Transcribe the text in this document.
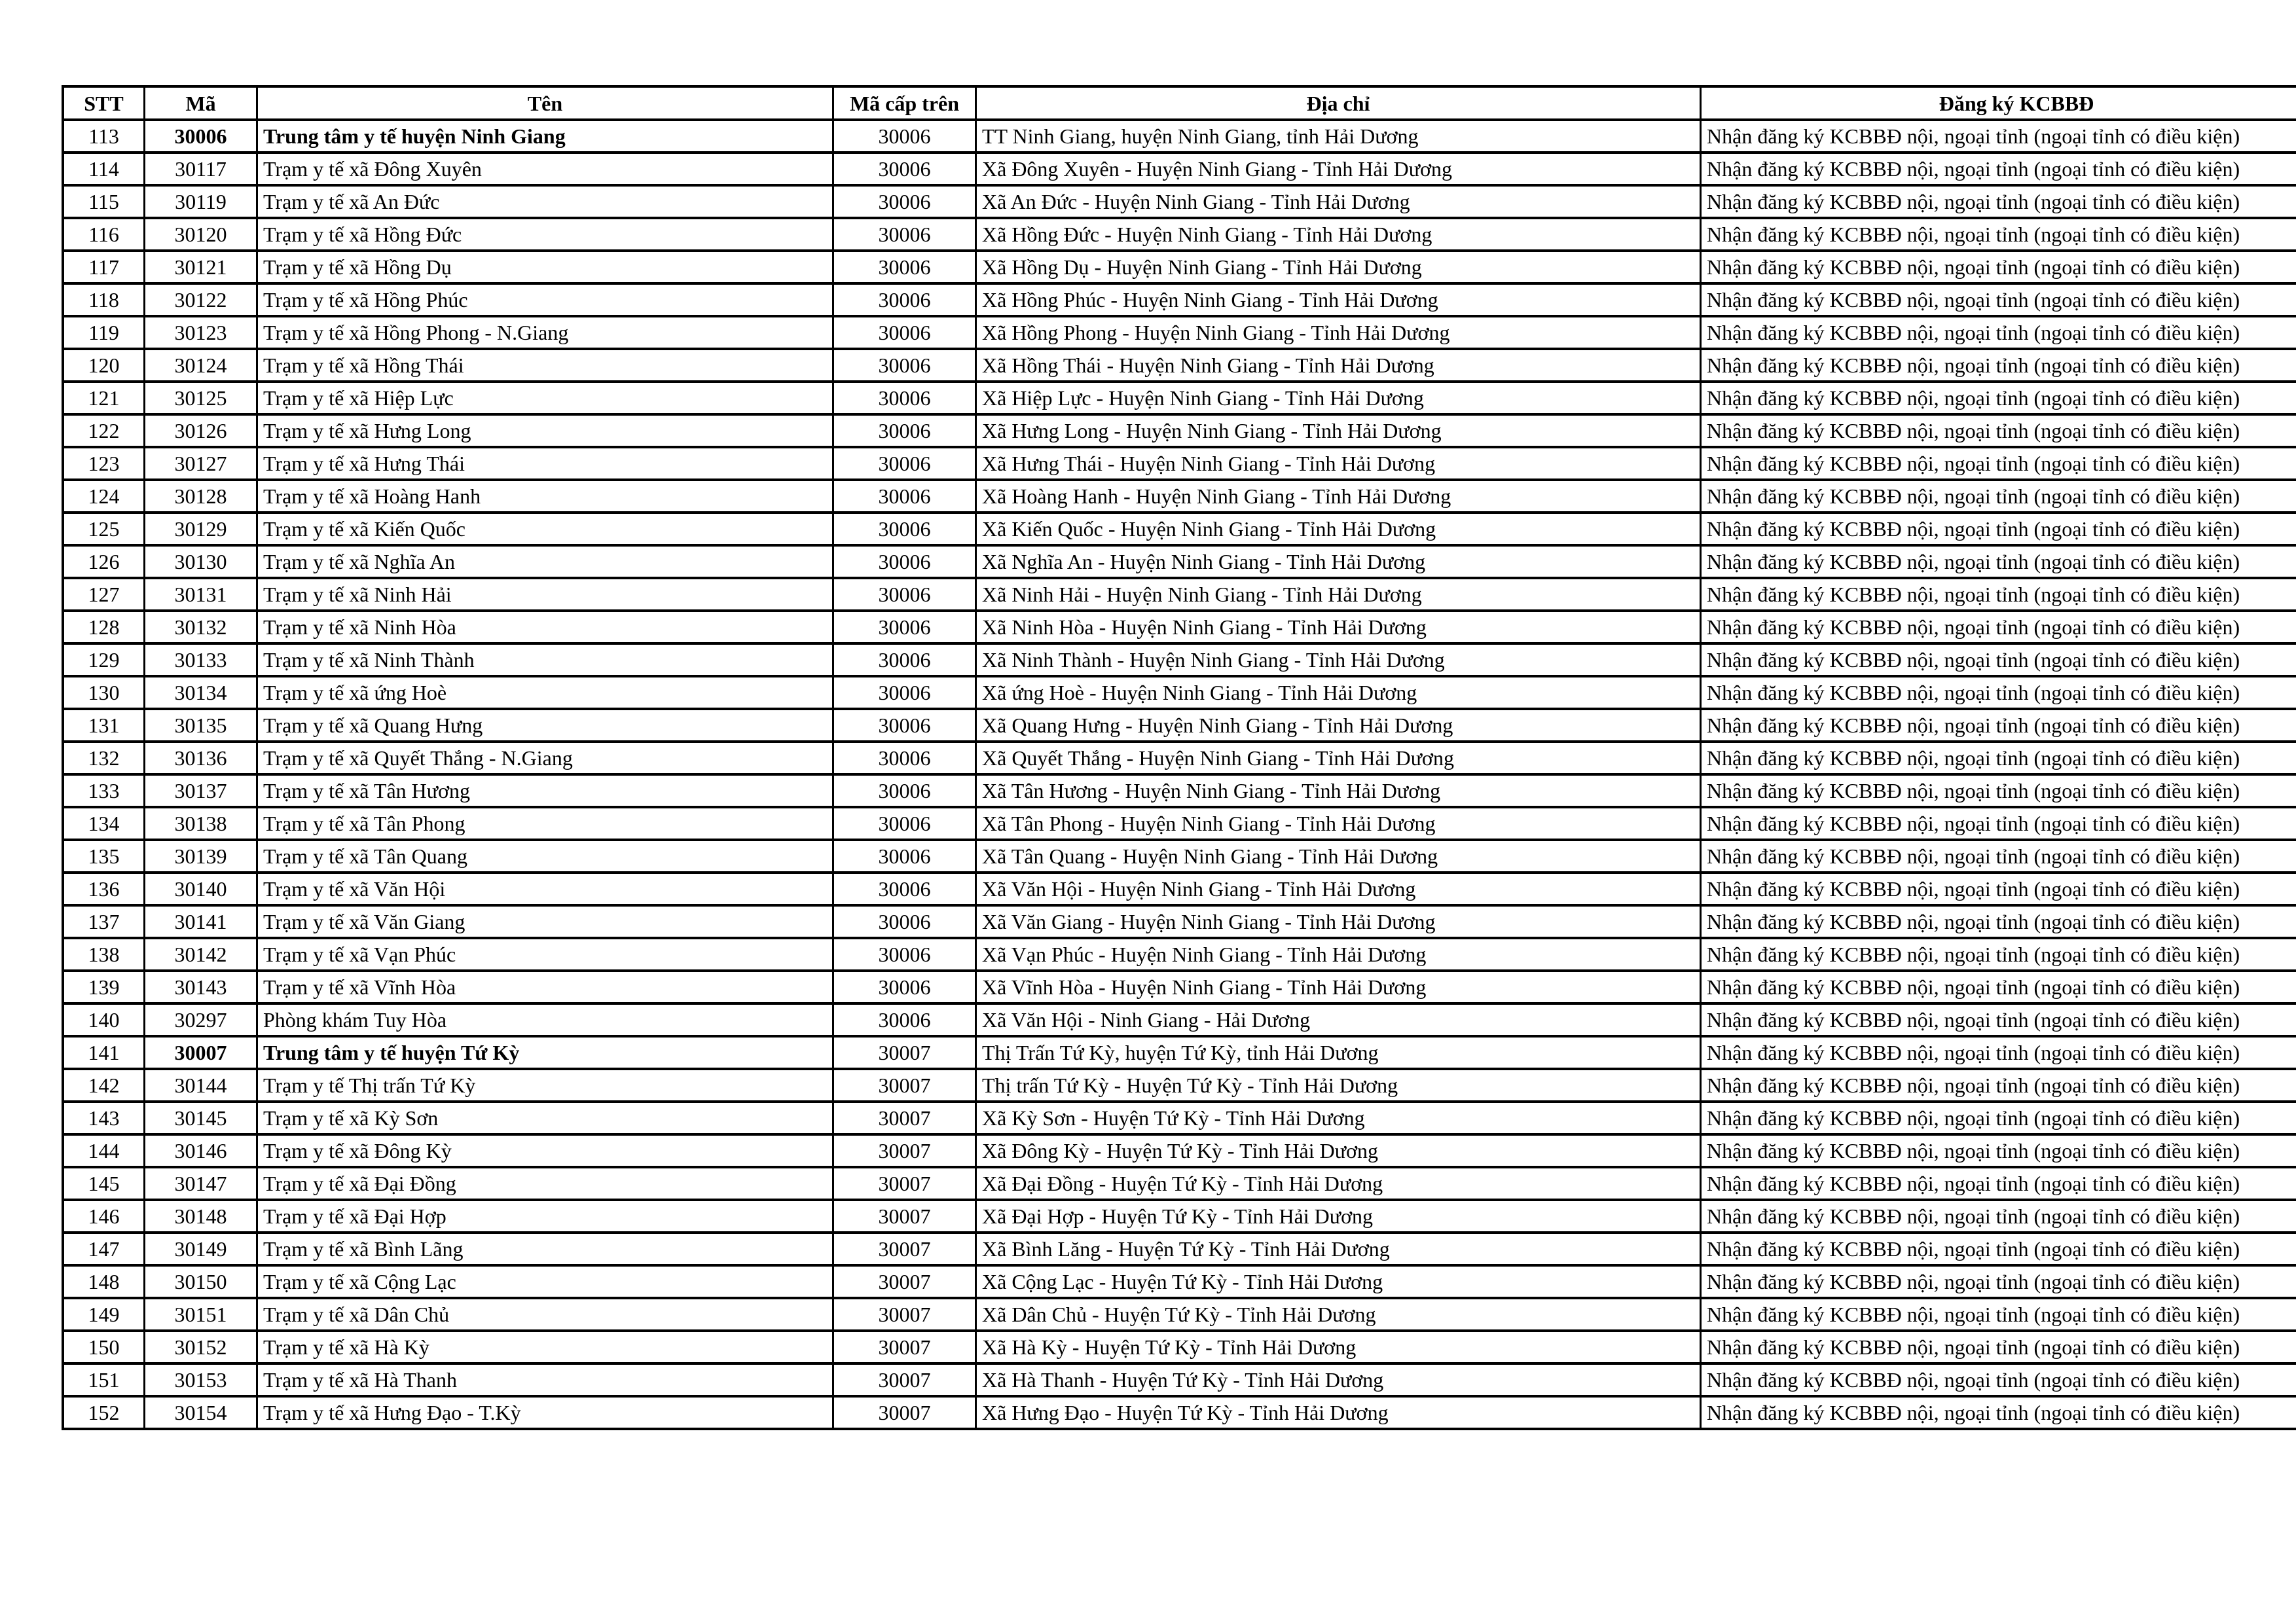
STT	Mã	Tên	Mã cấp trên	Địa chỉ	Đăng ký KCBBĐ
113	30006	Trung tâm y tế huyện Ninh Giang	30006	TT Ninh Giang, huyện Ninh Giang, tỉnh Hải Dương	Nhận đăng ký KCBBĐ nội, ngoại tỉnh (ngoại tỉnh có điều kiện)
114	30117	Trạm y tế xã Đông Xuyên	30006	Xã Đông Xuyên - Huyện Ninh Giang - Tỉnh Hải Dương	Nhận đăng ký KCBBĐ nội, ngoại tỉnh (ngoại tỉnh có điều kiện)
115	30119	Trạm y tế xã An Đức	30006	Xã An Đức - Huyện Ninh Giang - Tỉnh Hải Dương	Nhận đăng ký KCBBĐ nội, ngoại tỉnh (ngoại tỉnh có điều kiện)
116	30120	Trạm y tế xã Hồng Đức	30006	Xã Hồng Đức - Huyện Ninh Giang - Tỉnh Hải Dương	Nhận đăng ký KCBBĐ nội, ngoại tỉnh (ngoại tỉnh có điều kiện)
117	30121	Trạm y tế xã Hồng Dụ	30006	Xã Hồng Dụ - Huyện Ninh Giang - Tỉnh Hải Dương	Nhận đăng ký KCBBĐ nội, ngoại tỉnh (ngoại tỉnh có điều kiện)
118	30122	Trạm y tế xã Hồng Phúc	30006	Xã Hồng Phúc - Huyện Ninh Giang - Tỉnh Hải Dương	Nhận đăng ký KCBBĐ nội, ngoại tỉnh (ngoại tỉnh có điều kiện)
119	30123	Trạm y tế xã Hồng Phong - N.Giang	30006	Xã Hồng Phong - Huyện Ninh Giang - Tỉnh Hải Dương	Nhận đăng ký KCBBĐ nội, ngoại tỉnh (ngoại tỉnh có điều kiện)
120	30124	Trạm y tế xã Hồng Thái	30006	Xã Hồng Thái - Huyện Ninh Giang - Tỉnh Hải Dương	Nhận đăng ký KCBBĐ nội, ngoại tỉnh (ngoại tỉnh có điều kiện)
121	30125	Trạm y tế xã Hiệp Lực	30006	Xã Hiệp Lực - Huyện Ninh Giang - Tỉnh Hải Dương	Nhận đăng ký KCBBĐ nội, ngoại tỉnh (ngoại tỉnh có điều kiện)
122	30126	Trạm y tế xã Hưng Long	30006	Xã Hưng Long - Huyện Ninh Giang - Tỉnh Hải Dương	Nhận đăng ký KCBBĐ nội, ngoại tỉnh (ngoại tỉnh có điều kiện)
123	30127	Trạm y tế xã Hưng Thái	30006	Xã Hưng Thái - Huyện Ninh Giang - Tỉnh Hải Dương	Nhận đăng ký KCBBĐ nội, ngoại tỉnh (ngoại tỉnh có điều kiện)
124	30128	Trạm y tế xã Hoàng Hanh	30006	Xã Hoàng Hanh - Huyện Ninh Giang - Tỉnh Hải Dương	Nhận đăng ký KCBBĐ nội, ngoại tỉnh (ngoại tỉnh có điều kiện)
125	30129	Trạm y tế xã Kiến Quốc	30006	Xã Kiến Quốc - Huyện Ninh Giang - Tỉnh Hải Dương	Nhận đăng ký KCBBĐ nội, ngoại tỉnh (ngoại tỉnh có điều kiện)
126	30130	Trạm y tế xã Nghĩa An	30006	Xã Nghĩa An - Huyện Ninh Giang - Tỉnh Hải Dương	Nhận đăng ký KCBBĐ nội, ngoại tỉnh (ngoại tỉnh có điều kiện)
127	30131	Trạm y tế xã Ninh Hải	30006	Xã Ninh Hải - Huyện Ninh Giang - Tỉnh Hải Dương	Nhận đăng ký KCBBĐ nội, ngoại tỉnh (ngoại tỉnh có điều kiện)
128	30132	Trạm y tế xã Ninh Hòa	30006	Xã Ninh Hòa - Huyện Ninh Giang - Tỉnh Hải Dương	Nhận đăng ký KCBBĐ nội, ngoại tỉnh (ngoại tỉnh có điều kiện)
129	30133	Trạm y tế xã Ninh Thành	30006	Xã Ninh Thành - Huyện Ninh Giang - Tỉnh Hải Dương	Nhận đăng ký KCBBĐ nội, ngoại tỉnh (ngoại tỉnh có điều kiện)
130	30134	Trạm y tế xã ứng Hoè	30006	Xã ứng Hoè - Huyện Ninh Giang - Tỉnh Hải Dương	Nhận đăng ký KCBBĐ nội, ngoại tỉnh (ngoại tỉnh có điều kiện)
131	30135	Trạm y tế xã Quang Hưng	30006	Xã Quang Hưng - Huyện Ninh Giang - Tỉnh Hải Dương	Nhận đăng ký KCBBĐ nội, ngoại tỉnh (ngoại tỉnh có điều kiện)
132	30136	Trạm y tế xã Quyết Thắng - N.Giang	30006	Xã Quyết Thắng - Huyện Ninh Giang - Tỉnh Hải Dương	Nhận đăng ký KCBBĐ nội, ngoại tỉnh (ngoại tỉnh có điều kiện)
133	30137	Trạm y tế xã Tân Hương	30006	Xã Tân Hương - Huyện Ninh Giang - Tỉnh Hải Dương	Nhận đăng ký KCBBĐ nội, ngoại tỉnh (ngoại tỉnh có điều kiện)
134	30138	Trạm y tế xã Tân Phong	30006	Xã Tân Phong - Huyện Ninh Giang - Tỉnh Hải Dương	Nhận đăng ký KCBBĐ nội, ngoại tỉnh (ngoại tỉnh có điều kiện)
135	30139	Trạm y tế xã Tân Quang	30006	Xã Tân Quang - Huyện Ninh Giang - Tỉnh Hải Dương	Nhận đăng ký KCBBĐ nội, ngoại tỉnh (ngoại tỉnh có điều kiện)
136	30140	Trạm y tế xã Văn Hội	30006	Xã Văn Hội - Huyện Ninh Giang - Tỉnh Hải Dương	Nhận đăng ký KCBBĐ nội, ngoại tỉnh (ngoại tỉnh có điều kiện)
137	30141	Trạm y tế xã Văn Giang	30006	Xã Văn Giang - Huyện Ninh Giang - Tỉnh Hải Dương	Nhận đăng ký KCBBĐ nội, ngoại tỉnh (ngoại tỉnh có điều kiện)
138	30142	Trạm y tế xã Vạn Phúc	30006	Xã Vạn Phúc - Huyện Ninh Giang - Tỉnh Hải Dương	Nhận đăng ký KCBBĐ nội, ngoại tỉnh (ngoại tỉnh có điều kiện)
139	30143	Trạm y tế xã Vĩnh Hòa	30006	Xã Vĩnh Hòa - Huyện Ninh Giang - Tỉnh Hải Dương	Nhận đăng ký KCBBĐ nội, ngoại tỉnh (ngoại tỉnh có điều kiện)
140	30297	Phòng khám Tuy Hòa	30006	Xã Văn Hội - Ninh Giang - Hải Dương	Nhận đăng ký KCBBĐ nội, ngoại tỉnh (ngoại tỉnh có điều kiện)
141	30007	Trung tâm y tế huyện Tứ Kỳ	30007	Thị Trấn Tứ Kỳ, huyện Tứ Kỳ, tỉnh Hải Dương	Nhận đăng ký KCBBĐ nội, ngoại tỉnh (ngoại tỉnh có điều kiện)
142	30144	Trạm y tế Thị trấn Tứ Kỳ	30007	Thị trấn Tứ Kỳ - Huyện Tứ Kỳ - Tỉnh Hải Dương	Nhận đăng ký KCBBĐ nội, ngoại tỉnh (ngoại tỉnh có điều kiện)
143	30145	Trạm y tế xã Kỳ Sơn	30007	Xã Kỳ Sơn - Huyện Tứ Kỳ - Tỉnh Hải Dương	Nhận đăng ký KCBBĐ nội, ngoại tỉnh (ngoại tỉnh có điều kiện)
144	30146	Trạm y tế xã Đông Kỳ	30007	Xã Đông Kỳ - Huyện Tứ Kỳ - Tỉnh Hải Dương	Nhận đăng ký KCBBĐ nội, ngoại tỉnh (ngoại tỉnh có điều kiện)
145	30147	Trạm y tế xã Đại Đồng	30007	Xã Đại Đồng - Huyện Tứ Kỳ - Tỉnh Hải Dương	Nhận đăng ký KCBBĐ nội, ngoại tỉnh (ngoại tỉnh có điều kiện)
146	30148	Trạm y tế xã Đại Hợp	30007	Xã Đại Hợp - Huyện Tứ Kỳ - Tỉnh Hải Dương	Nhận đăng ký KCBBĐ nội, ngoại tỉnh (ngoại tỉnh có điều kiện)
147	30149	Trạm y tế xã Bình Lãng	30007	Xã Bình Lăng - Huyện Tứ Kỳ - Tỉnh Hải Dương	Nhận đăng ký KCBBĐ nội, ngoại tỉnh (ngoại tỉnh có điều kiện)
148	30150	Trạm y tế xã Cộng Lạc	30007	Xã Cộng Lạc - Huyện Tứ Kỳ - Tỉnh Hải Dương	Nhận đăng ký KCBBĐ nội, ngoại tỉnh (ngoại tỉnh có điều kiện)
149	30151	Trạm y tế xã Dân Chủ	30007	Xã Dân Chủ - Huyện Tứ Kỳ - Tỉnh Hải Dương	Nhận đăng ký KCBBĐ nội, ngoại tỉnh (ngoại tỉnh có điều kiện)
150	30152	Trạm y tế xã Hà Kỳ	30007	Xã Hà Kỳ - Huyện Tứ Kỳ - Tỉnh Hải Dương	Nhận đăng ký KCBBĐ nội, ngoại tỉnh (ngoại tỉnh có điều kiện)
151	30153	Trạm y tế xã Hà Thanh	30007	Xã Hà Thanh - Huyện Tứ Kỳ - Tỉnh Hải Dương	Nhận đăng ký KCBBĐ nội, ngoại tỉnh (ngoại tỉnh có điều kiện)
152	30154	Trạm y tế xã Hưng Đạo - T.Kỳ	30007	Xã Hưng Đạo - Huyện Tứ Kỳ - Tỉnh Hải Dương	Nhận đăng ký KCBBĐ nội, ngoại tỉnh (ngoại tỉnh có điều kiện)
